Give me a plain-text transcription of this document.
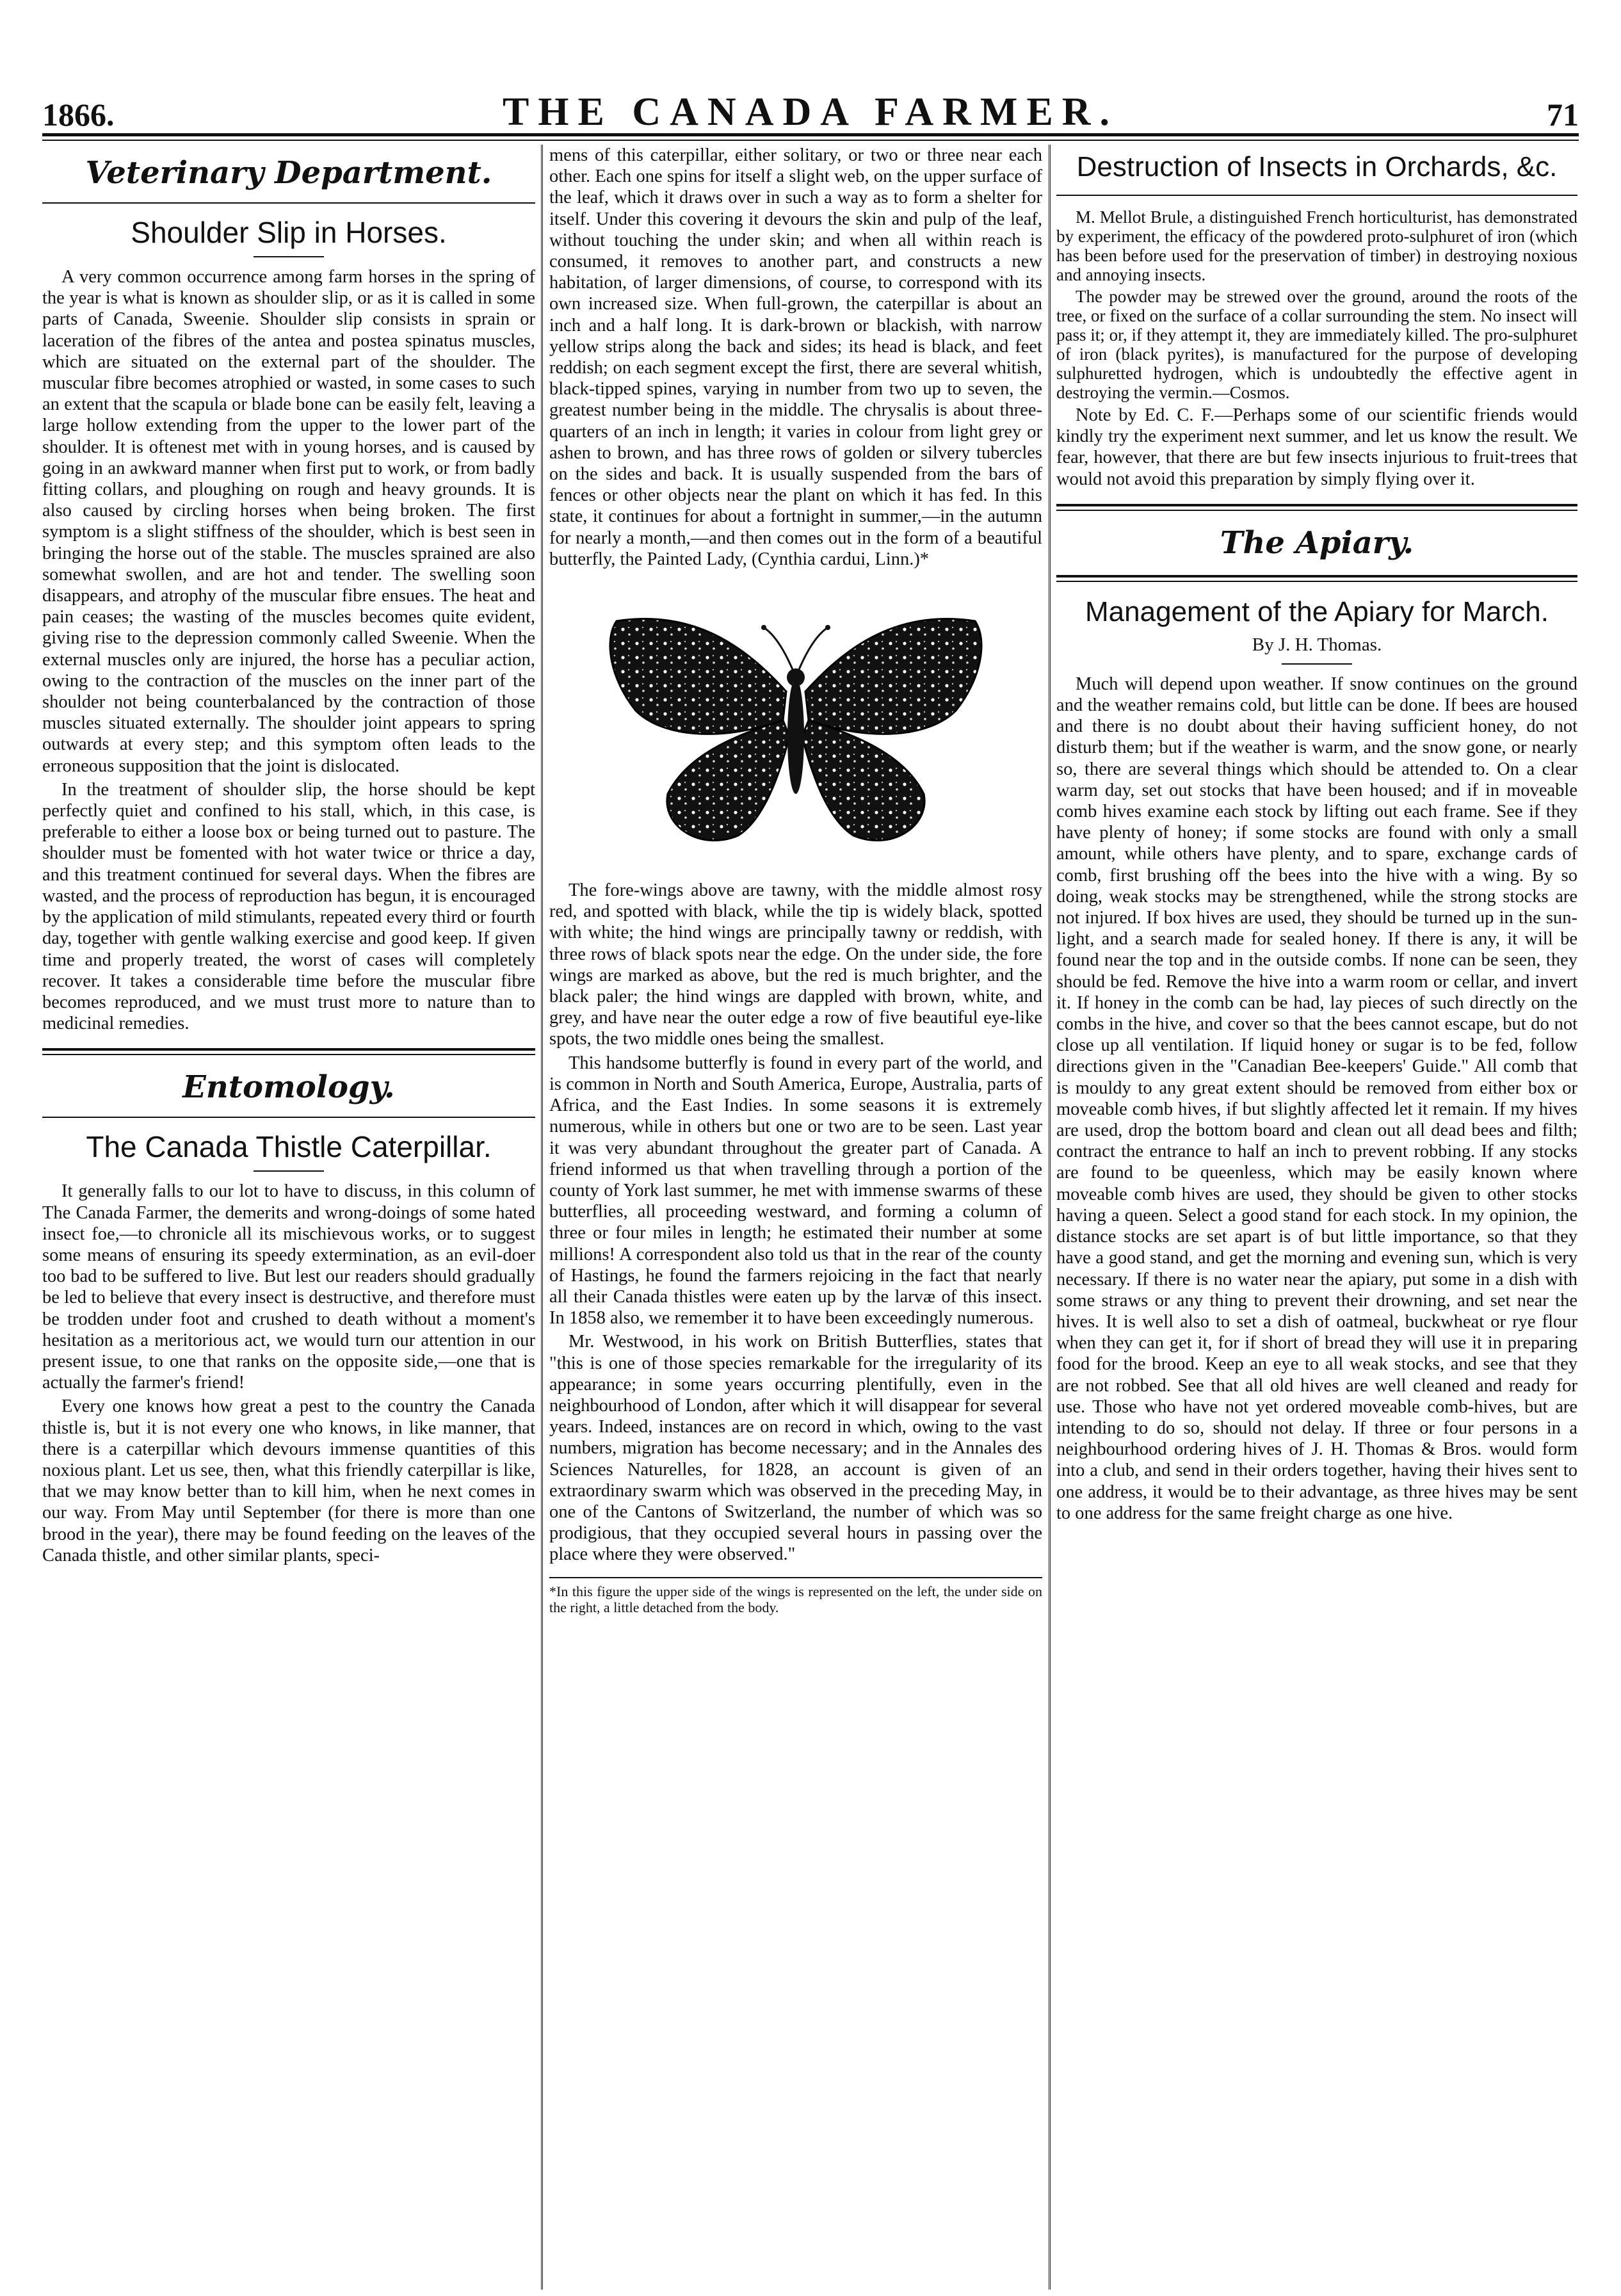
1866.	THE CANADA FARMER.	71
Veterinary Department.
Shoulder Slip in Horses.

A very common occurrence among farm horses in the spring of the year is what is known as shoulder slip, or as it is called in some parts of Canada, Sweenie. Shoulder slip consists in sprain or laceration of the fibres of the antea and postea spinatus muscles, which are situated on the external part of the shoulder. The muscular fibre becomes atrophied or wasted, in some cases to such an extent that the scapula or blade bone can be easily felt, leaving a large hollow extending from the upper to the lower part of the shoulder. It is oftenest met with in young horses, and is caused by going in an awkward manner when first put to work, or from badly fitting collars, and ploughing on rough and heavy grounds. It is also caused by circling horses when being broken. The first symptom is a slight stiffness of the shoulder, which is best seen in bringing the horse out of the stable. The muscles sprained are also somewhat swollen, and are hot and tender. The swelling soon disappears, and atrophy of the muscular fibre ensues. The heat and pain ceases; the wasting of the muscles becomes quite evident, giving rise to the depression commonly called Sweenie. When the external muscles only are injured, the horse has a peculiar action, owing to the contraction of the muscles on the inner part of the shoulder not being counterbalanced by the contraction of those muscles situated externally. The shoulder joint appears to spring outwards at every step; and this symptom often leads to the erroneous supposition that the joint is dislocated.

In the treatment of shoulder slip, the horse should be kept perfectly quiet and confined to his stall, which, in this case, is preferable to either a loose box or being turned out to pasture. The shoulder must be fomented with hot water twice or thrice a day, and this treatment continued for several days. When the fibres are wasted, and the process of reproduction has begun, it is encouraged by the application of mild stimulants, repeated every third or fourth day, together with gentle walking exercise and good keep. If given time and properly treated, the worst of cases will completely recover. It takes a considerable time before the muscular fibre becomes reproduced, and we must trust more to nature than to medicinal remedies.

Entomology.
The Canada Thistle Caterpillar.

It generally falls to our lot to have to discuss, in this column of The Canada Farmer, the demerits and wrong-doings of some hated insect foe,—to chronicle all its mischievous works, or to suggest some means of ensuring its speedy extermination, as an evil-doer too bad to be suffered to live. But lest our readers should gradually be led to believe that every insect is destructive, and therefore must be trodden under foot and crushed to death without a moment's hesitation as a meritorious act, we would turn our attention in our present issue, to one that ranks on the opposite side,—one that is actually the farmer's friend!

Every one knows how great a pest to the country the Canada thistle is, but it is not every one who knows, in like manner, that there is a caterpillar which devours immense quantities of this noxious plant. Let us see, then, what this friendly caterpillar is like, that we may know better than to kill him, when he next comes in our way. From May until September (for there is more than one brood in the year), there may be found feeding on the leaves of the Canada thistle, and other similar plants, speci-

mens of this caterpillar, either solitary, or two or three near each other. Each one spins for itself a slight web, on the upper surface of the leaf, which it draws over in such a way as to form a shelter for itself. Under this covering it devours the skin and pulp of the leaf, without touching the under skin; and when all within reach is consumed, it removes to another part, and constructs a new habitation, of larger dimensions, of course, to correspond with its own increased size. When full-grown, the caterpillar is about an inch and a half long. It is dark-brown or blackish, with narrow yellow strips along the back and sides; its head is black, and feet reddish; on each segment except the first, there are several whitish, black-tipped spines, varying in number from two up to seven, the greatest number being in the middle. The chrysalis is about three-quarters of an inch in length; it varies in colour from light grey or ashen to brown, and has three rows of golden or silvery tubercles on the sides and back. It is usually suspended from the bars of fences or other objects near the plant on which it has fed. In this state, it continues for about a fortnight in summer,—in the autumn for nearly a month,—and then comes out in the form of a beautiful butterfly, the Painted Lady, (Cynthia cardui, Linn.)*

The fore-wings above are tawny, with the middle almost rosy red, and spotted with black, while the tip is widely black, spotted with white; the hind wings are principally tawny or reddish, with three rows of black spots near the edge. On the under side, the fore wings are marked as above, but the red is much brighter, and the black paler; the hind wings are dappled with brown, white, and grey, and have near the outer edge a row of five beautiful eye-like spots, the two middle ones being the smallest.

This handsome butterfly is found in every part of the world, and is common in North and South America, Europe, Australia, parts of Africa, and the East Indies. In some seasons it is extremely numerous, while in others but one or two are to be seen. Last year it was very abundant throughout the greater part of Canada. A friend informed us that when travelling through a portion of the county of York last summer, he met with immense swarms of these butterflies, all proceeding westward, and forming a column of three or four miles in length; he estimated their number at some millions! A correspondent also told us that in the rear of the county of Hastings, he found the farmers rejoicing in the fact that nearly all their Canada thistles were eaten up by the larvæ of this insect. In 1858 also, we remember it to have been exceedingly numerous.

Mr. Westwood, in his work on British Butterflies, states that "this is one of those species remarkable for the irregularity of its appearance; in some years occurring plentifully, even in the neighbourhood of London, after which it will disappear for several years. Indeed, instances are on record in which, owing to the vast numbers, migration has become necessary; and in the Annales des Sciences Naturelles, for 1828, an account is given of an extraordinary swarm which was observed in the preceding May, in one of the Cantons of Switzerland, the number of which was so prodigious, that they occupied several hours in passing over the place where they were observed."

*In this figure the upper side of the wings is represented on the left, the under side on the right, a little detached from the body.
Destruction of Insects in Orchards, &c.

M. Mellot Brule, a distinguished French horticulturist, has demonstrated by experiment, the efficacy of the powdered proto-sulphuret of iron (which has been before used for the preservation of timber) in destroying noxious and annoying insects.

The powder may be strewed over the ground, around the roots of the tree, or fixed on the surface of a collar surrounding the stem. No insect will pass it; or, if they attempt it, they are immediately killed. The pro-sulphuret of iron (black pyrites), is manufactured for the purpose of developing sulphuretted hydrogen, which is undoubtedly the effective agent in destroying the vermin.—Cosmos.

Note by Ed. C. F.—Perhaps some of our scientific friends would kindly try the experiment next summer, and let us know the result. We fear, however, that there are but few insects injurious to fruit-trees that would not avoid this preparation by simply flying over it.

The Apiary.
Management of the Apiary for March.
By J. H. Thomas.

Much will depend upon weather. If snow continues on the ground and the weather remains cold, but little can be done. If bees are housed and there is no doubt about their having sufficient honey, do not disturb them; but if the weather is warm, and the snow gone, or nearly so, there are several things which should be attended to. On a clear warm day, set out stocks that have been housed; and if in moveable comb hives examine each stock by lifting out each frame. See if they have plenty of honey; if some stocks are found with only a small amount, while others have plenty, and to spare, exchange cards of comb, first brushing off the bees into the hive with a wing. By so doing, weak stocks may be strengthened, while the strong stocks are not injured. If box hives are used, they should be turned up in the sun-light, and a search made for sealed honey. If there is any, it will be found near the top and in the outside combs. If none can be seen, they should be fed. Remove the hive into a warm room or cellar, and invert it. If honey in the comb can be had, lay pieces of such directly on the combs in the hive, and cover so that the bees cannot escape, but do not close up all ventilation. If liquid honey or sugar is to be fed, follow directions given in the "Canadian Bee-keepers' Guide." All comb that is mouldy to any great extent should be removed from either box or moveable comb hives, if but slightly affected let it remain. If my hives are used, drop the bottom board and clean out all dead bees and filth; contract the entrance to half an inch to prevent robbing. If any stocks are found to be queenless, which may be easily known where moveable comb hives are used, they should be given to other stocks having a queen. Select a good stand for each stock. In my opinion, the distance stocks are set apart is of but little importance, so that they have a good stand, and get the morning and evening sun, which is very necessary. If there is no water near the apiary, put some in a dish with some straws or any thing to prevent their drowning, and set near the hives. It is well also to set a dish of oatmeal, buckwheat or rye flour when they can get it, for if short of bread they will use it in preparing food for the brood. Keep an eye to all weak stocks, and see that they are not robbed. See that all old hives are well cleaned and ready for use. Those who have not yet ordered moveable comb-hives, but are intending to do so, should not delay. If three or four persons in a neighbourhood ordering hives of J. H. Thomas & Bros. would form into a club, and send in their orders together, having their hives sent to one address, it would be to their advantage, as three hives may be sent to one address for the same freight charge as one hive.
